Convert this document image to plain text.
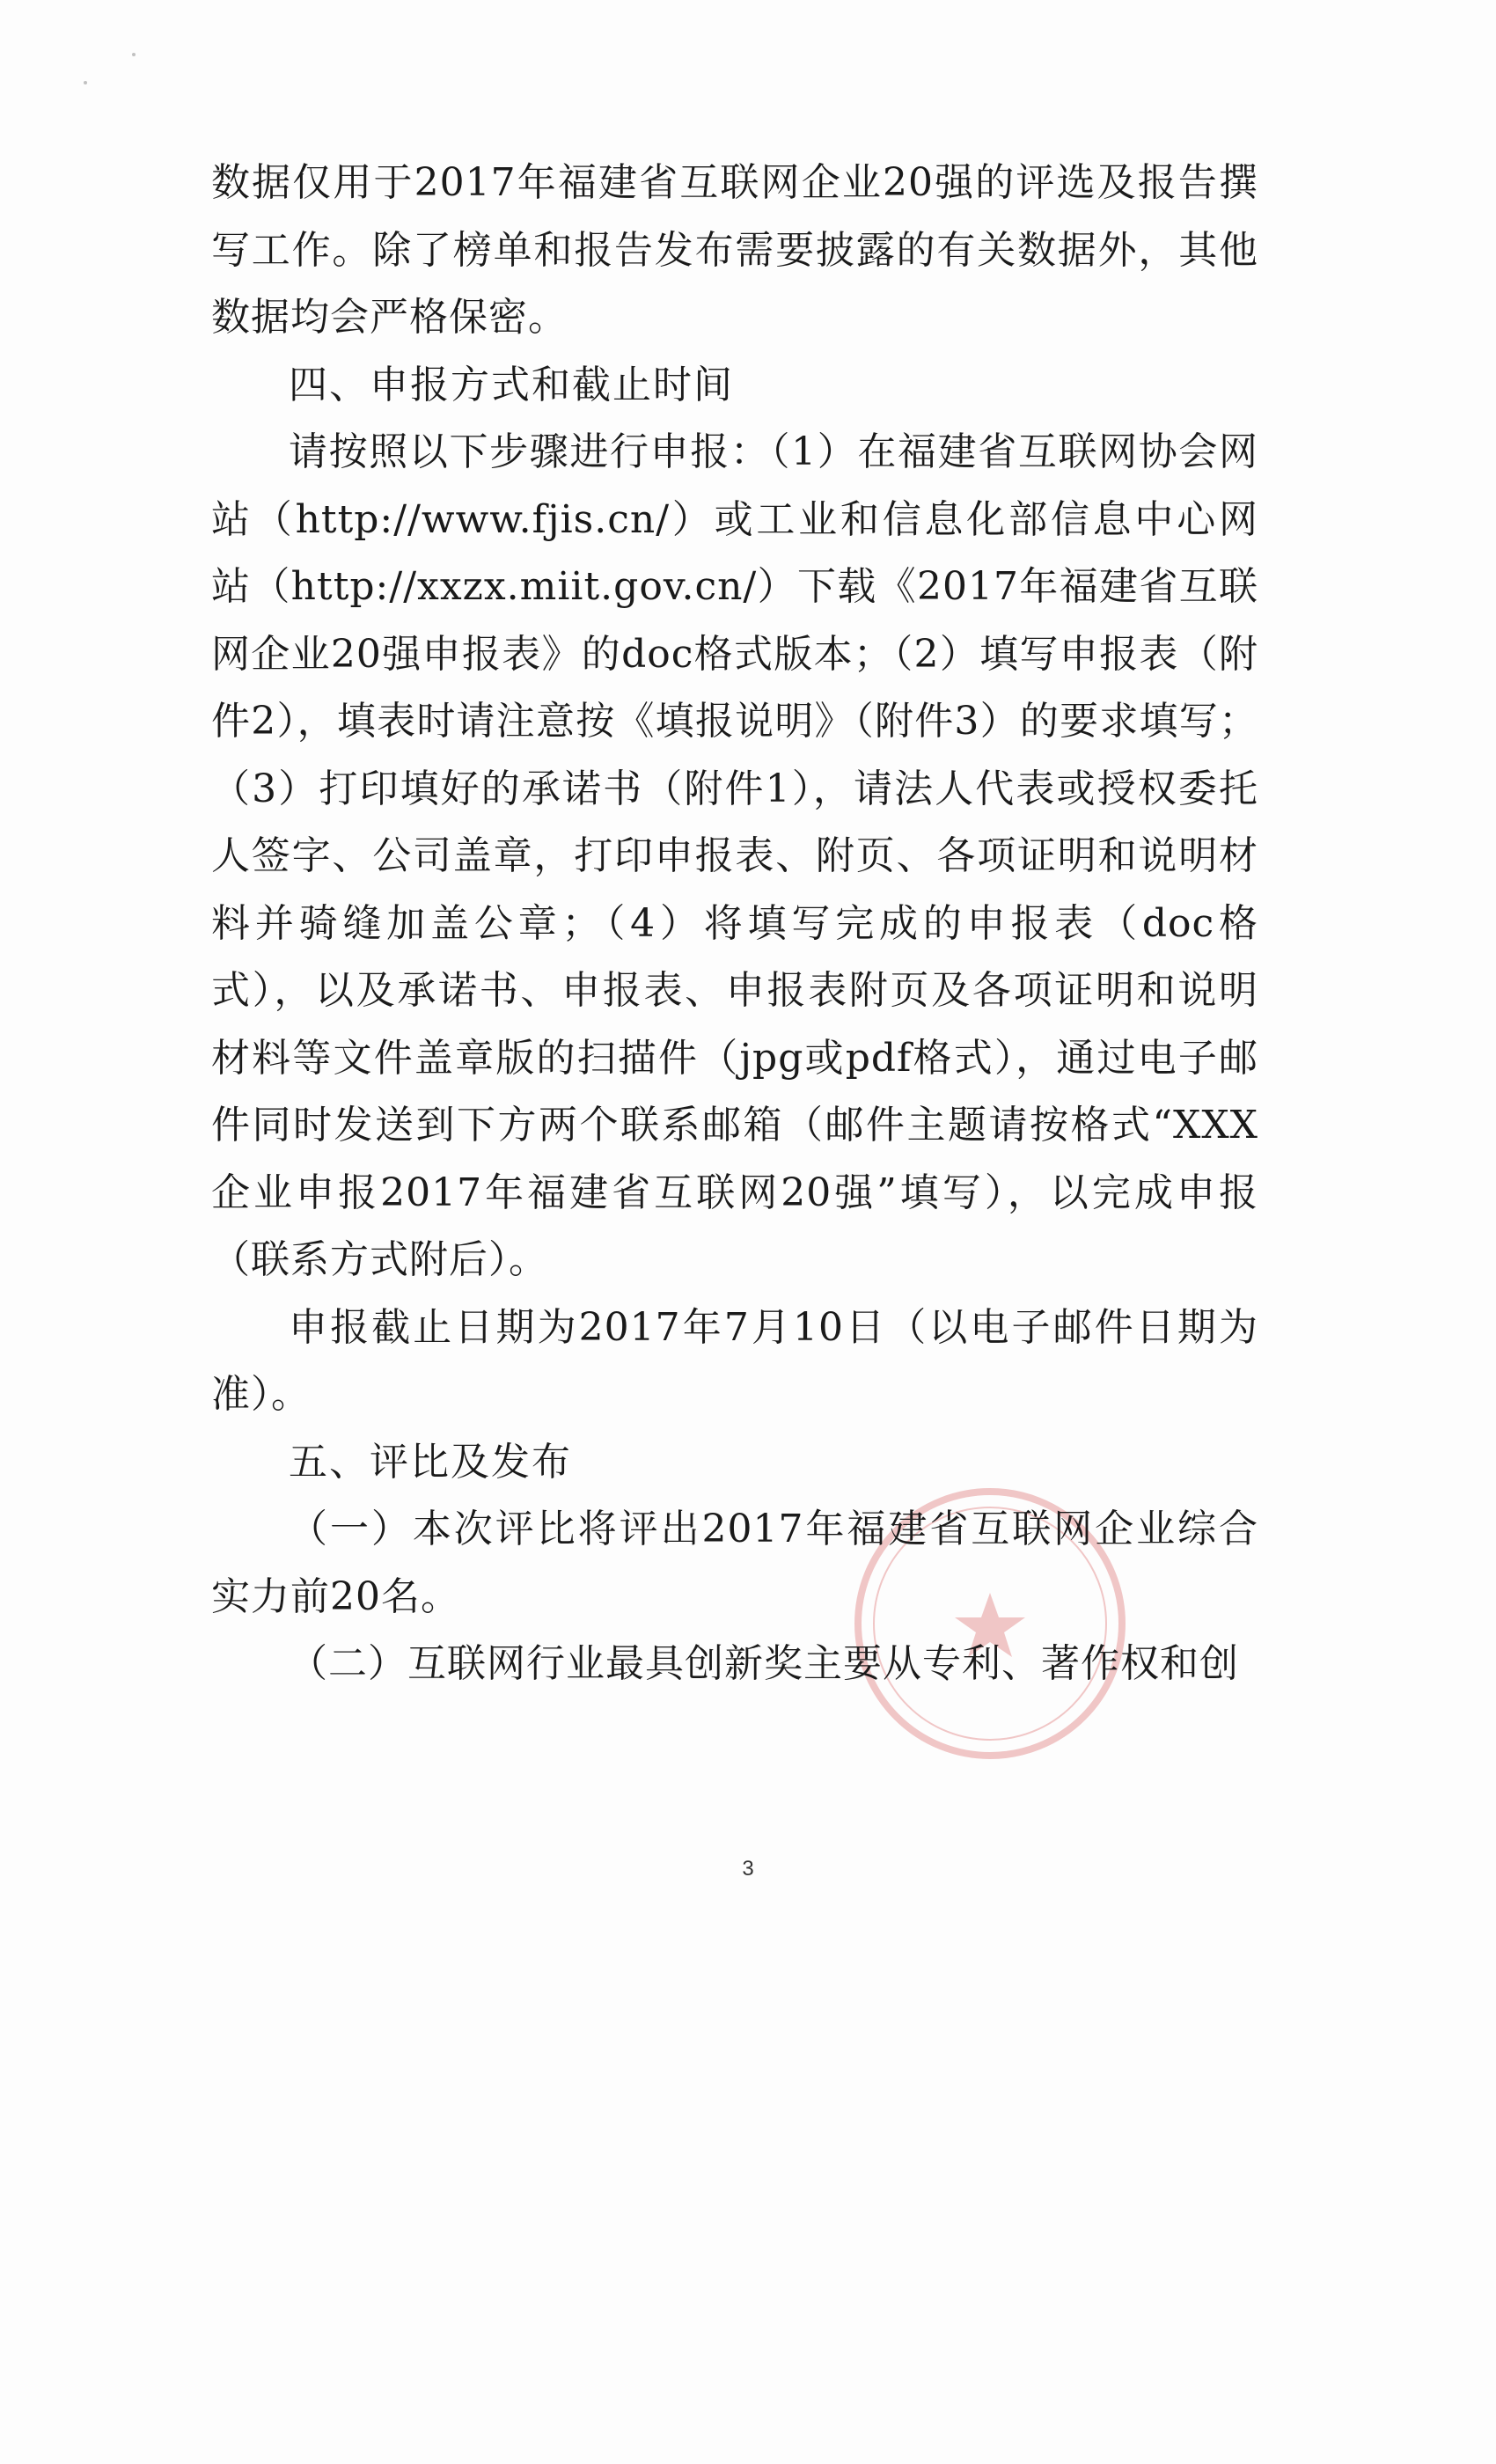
数据仅用于2017年福建省互联网企业20强的评选及报告撰写工作。除了榜单和报告发布需要披露的有关数据外，其他数据均会严格保密。

四、申报方式和截止时间

请按照以下步骤进行申报：（1）在福建省互联网协会网站（http://www.fjis.cn/）或工业和信息化部信息中心网站（http://xxzx.miit.gov.cn/）下载《2017年福建省互联网企业20强申报表》的doc格式版本；（2）填写申报表（附件2），填表时请注意按《填报说明》（附件3）的要求填写；（3）打印填好的承诺书（附件1），请法人代表或授权委托人签字、公司盖章，打印申报表、附页、各项证明和说明材料并骑缝加盖公章；（4）将填写完成的申报表（doc格式），以及承诺书、申报表、申报表附页及各项证明和说明材料等文件盖章版的扫描件（jpg或pdf格式），通过电子邮件同时发送到下方两个联系邮箱（邮件主题请按格式“XXX企业申报2017年福建省互联网20强”填写），以完成申报（联系方式附后）。

申报截止日期为2017年7月10日（以电子邮件日期为准）。

五、评比及发布

（一）本次评比将评出2017年福建省互联网企业综合实力前20名。

（二）互联网行业最具创新奖主要从专利、著作权和创

3
